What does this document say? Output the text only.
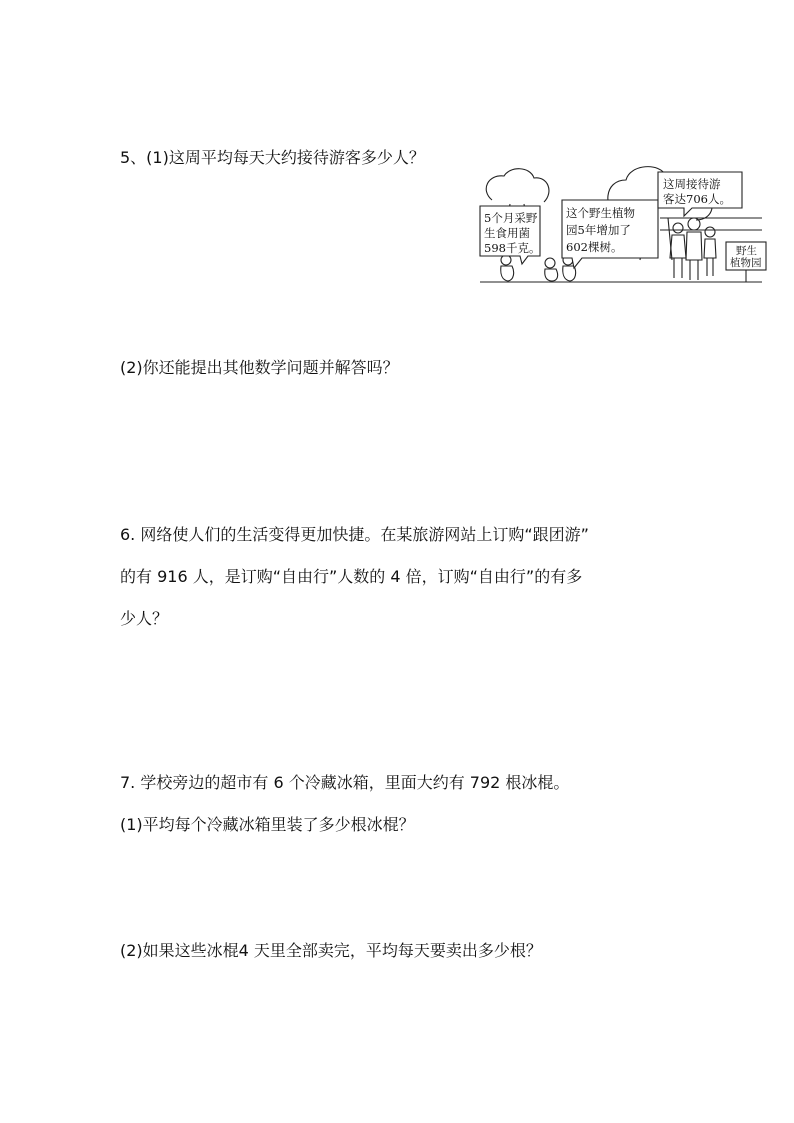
5、(1)这周平均每天大约接待游客多少人？
5个月采野
生食用菌
598千克。
这个野生植物
园5年增加了
602棵树。
这周接待游
客达706人。
野生
植物园
(2)你还能提出其他数学问题并解答吗？
6. 网络使人们的生活变得更加快捷。在某旅游网站上订购“跟团游”
的有 916 人，是订购“自由行”人数的 4 倍，订购“自由行”的有多
少人？
7. 学校旁边的超市有 6 个冷藏冰箱，里面大约有 792 根冰棍。
(1)平均每个冷藏冰箱里装了多少根冰棍？
(2)如果这些冰棍4 天里全部卖完，平均每天要卖出多少根？
